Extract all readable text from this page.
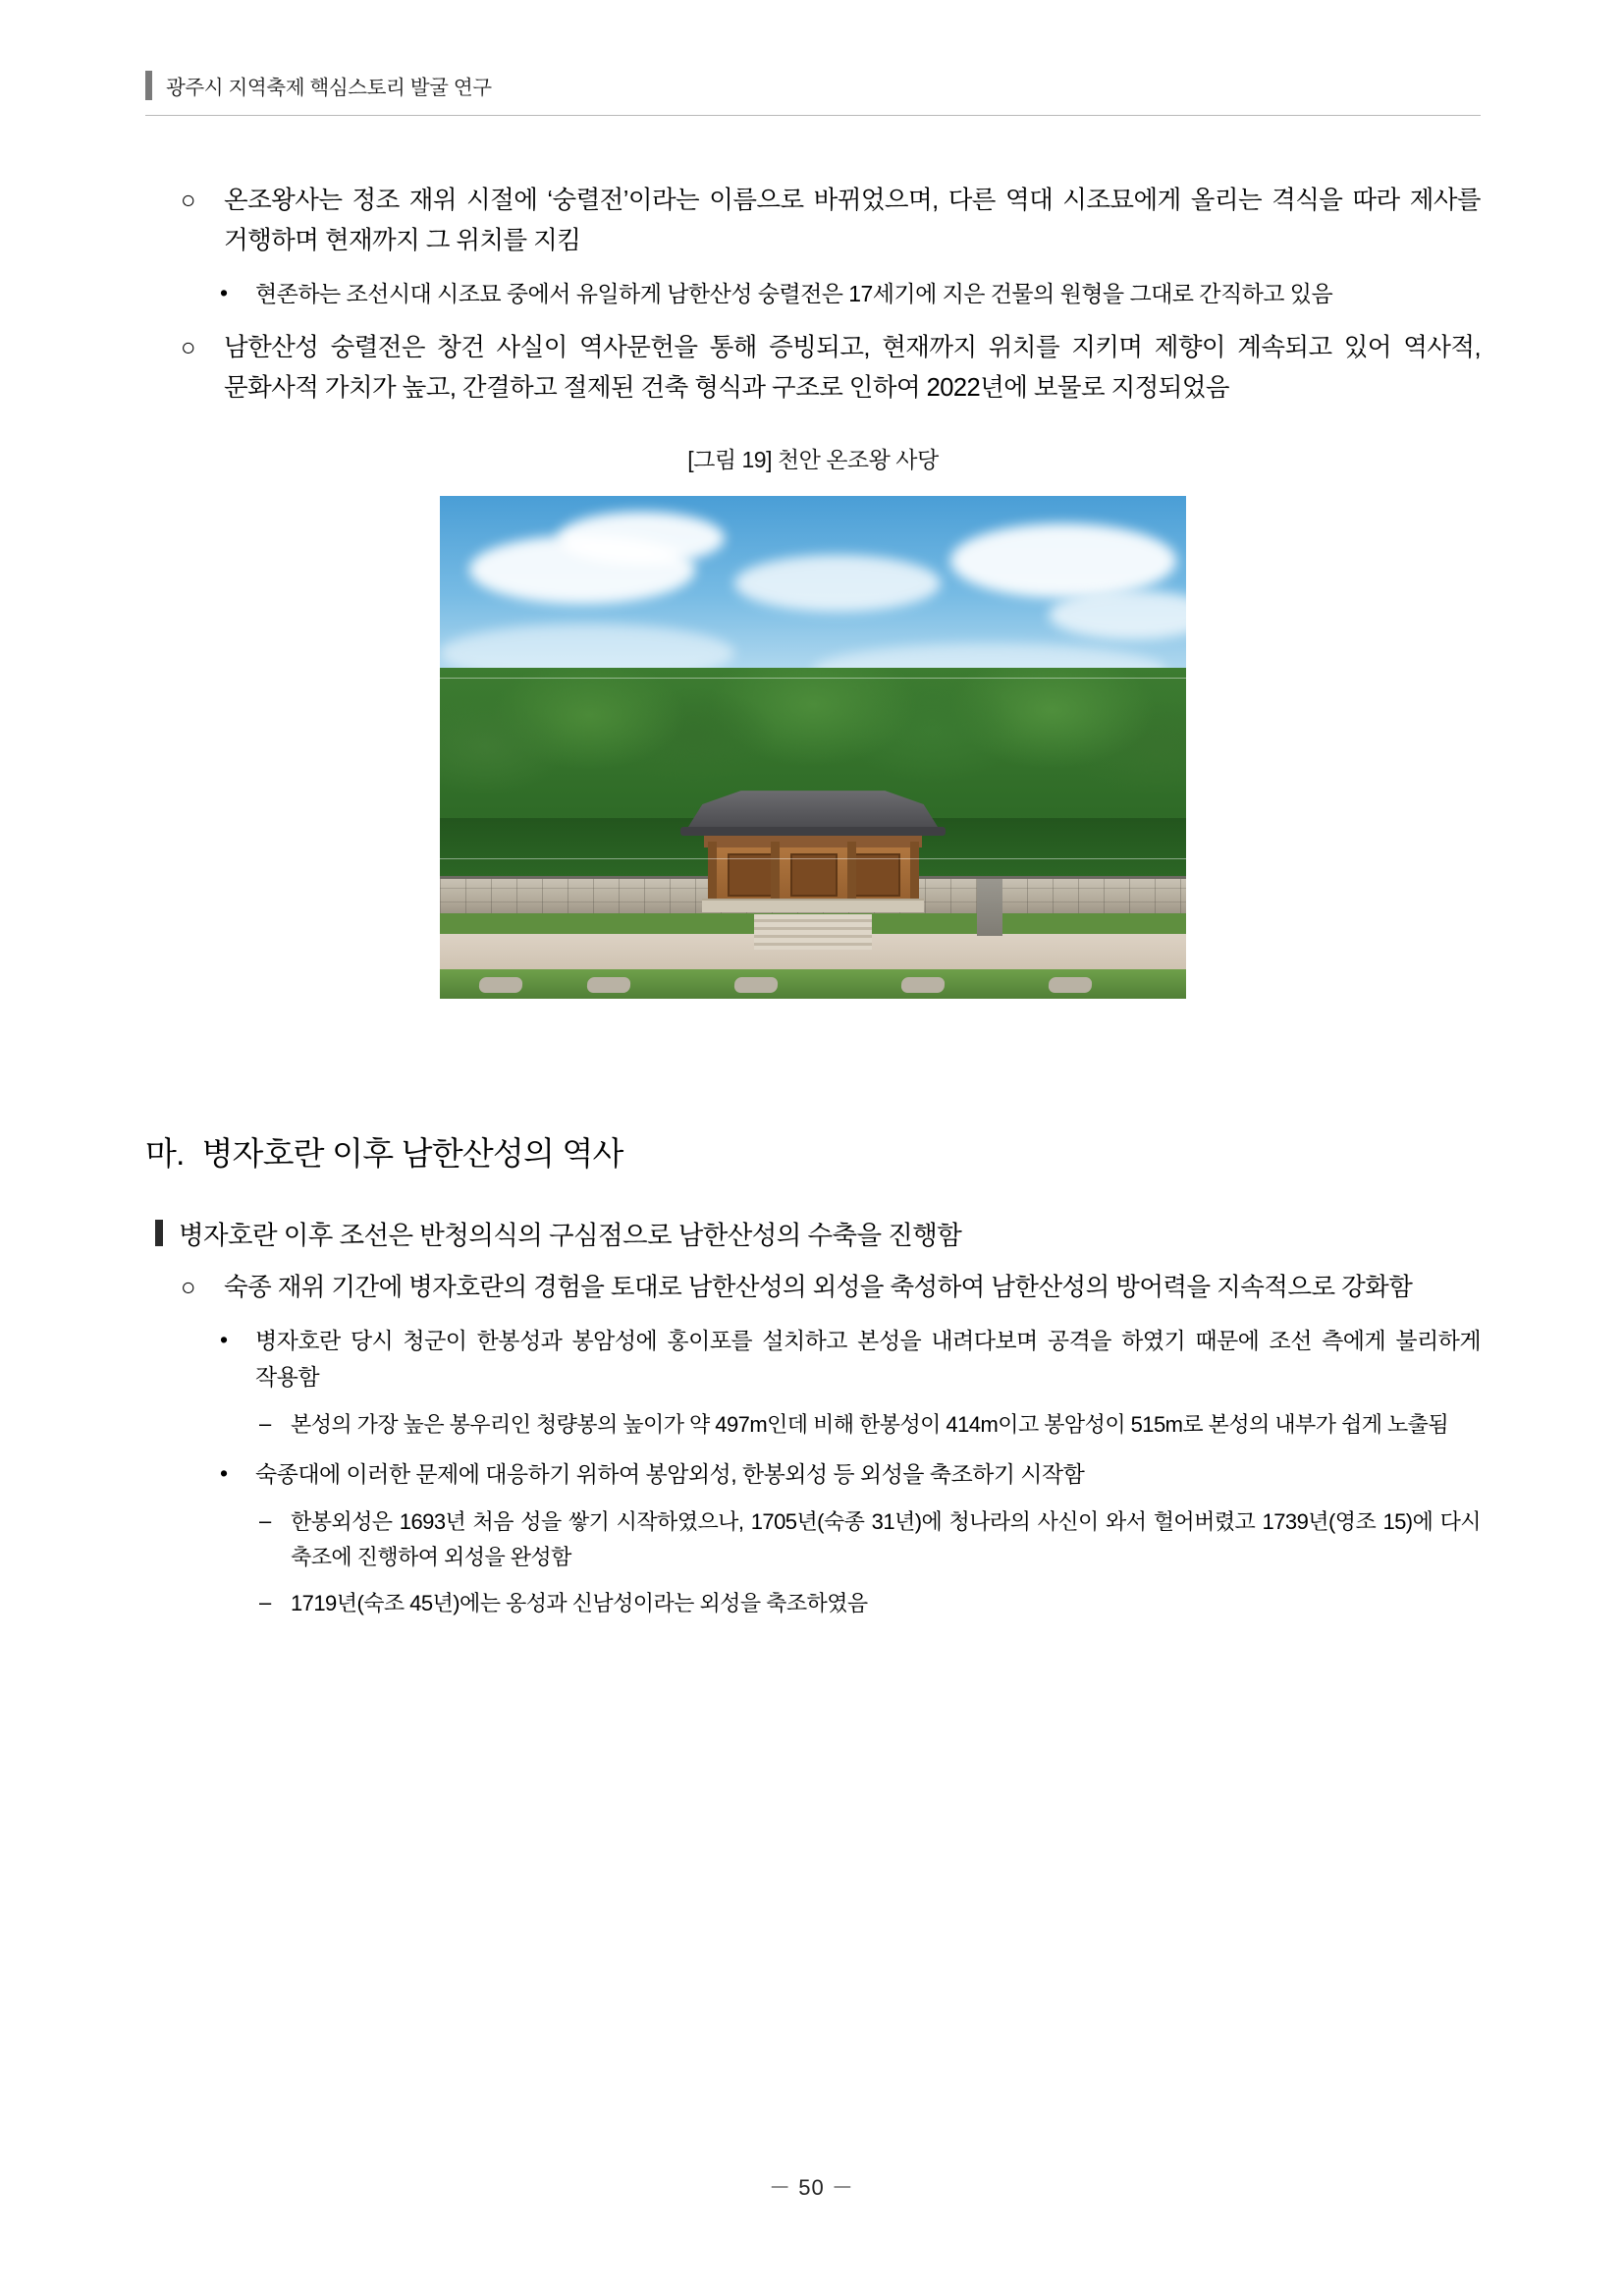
광주시 지역축제 핵심스토리 발굴 연구
○	온조왕사는 정조 재위 시절에 ‘숭렬전’이라는 이름으로 바뀌었으며, 다른 역대 시조묘에게 올리는 격식을 따라 제사를 거행하며 현재까지 그 위치를 지킴
•	현존하는 조선시대 시조묘 중에서 유일하게 남한산성 숭렬전은 17세기에 지은 건물의 원형을 그대로 간직하고 있음
○	남한산성 숭렬전은 창건 사실이 역사문헌을 통해 증빙되고, 현재까지 위치를 지키며 제향이 계속되고 있어 역사적, 문화사적 가치가 높고, 간결하고 절제된 건축 형식과 구조로 인하여 2022년에 보물로 지정되었음
[그림 19] 천안 온조왕 사당
마. 병자호란 이후 남한산성의 역사
병자호란 이후 조선은 반청의식의 구심점으로 남한산성의 수축을 진행함
○	숙종 재위 기간에 병자호란의 경험을 토대로 남한산성의 외성을 축성하여 남한산성의 방어력을 지속적으로 강화함
•	병자호란 당시 청군이 한봉성과 봉암성에 홍이포를 설치하고 본성을 내려다보며 공격을 하였기 때문에 조선 측에게 불리하게 작용함
– 본성의 가장 높은 봉우리인 청량봉의 높이가 약 497m인데 비해 한봉성이 414m이고 봉암성이 515m로 본성의 내부가 쉽게 노출됨
•	숙종대에 이러한 문제에 대응하기 위하여 봉암외성, 한봉외성 등 외성을 축조하기 시작함
– 한봉외성은 1693년 처음 성을 쌓기 시작하였으나, 1705년(숙종 31년)에 청나라의 사신이 와서 헐어버렸고 1739년(영조 15)에 다시 축조에 진행하여 외성을 완성함
– 1719년(숙조 45년)에는 옹성과 신남성이라는 외성을 축조하였음
－ 50 －
